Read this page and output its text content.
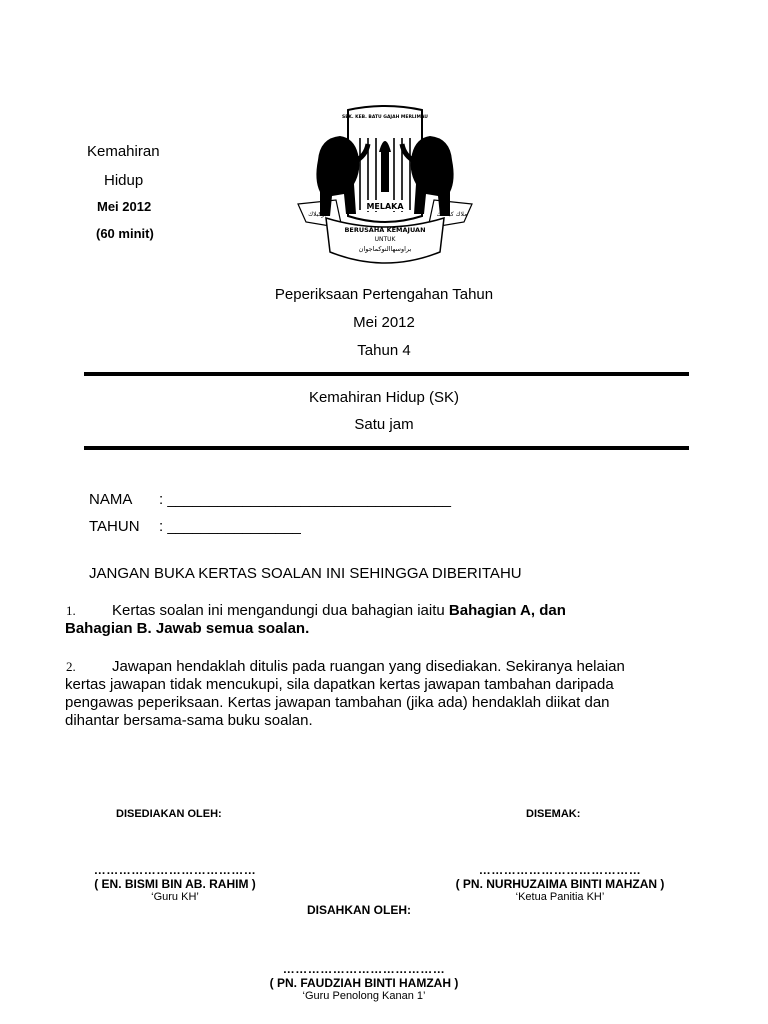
Kemahiran
Hidup
Mei 2012
(60 minit)
SEK. KEB. BATU GAJAH MERLIMAU
MELAKA
ابوكبلاك	ملاك كبلسك
BERUSAHA KEMAJUAN
UNTUK
براوسهاالنوكماجوان
Peperiksaan Pertengahan Tahun
Mei 2012
Tahun 4
Kemahiran Hidup (SK)
Satu jam
NAMA : __________________________________
TAHUN : ________________
JANGAN BUKA KERTAS SOALAN INI SEHINGGA DIBERITAHU
1. Kertas soalan ini mengandungi dua bahagian iaitu Bahagian A, dan
Bahagian B. Jawab semua soalan.
2. Jawapan hendaklah ditulis pada ruangan yang disediakan. Sekiranya helaian
kertas jawapan tidak mencukupi, sila dapatkan kertas jawapan tambahan daripada
pengawas peperiksaan. Kertas jawapan tambahan (jika ada) hendaklah diikat dan
dihantar bersama-sama buku soalan.
DISEDIAKAN OLEH:
…………………………………
( EN. BISMI BIN AB. RAHIM )
‘Guru KH’
DISEMAK:
…………………………………
( PN. NURHUZAIMA BINTI MAHZAN )
‘Ketua Panitia KH’
DISAHKAN OLEH:
…………………………………
( PN. FAUDZIAH BINTI HAMZAH )
‘Guru Penolong Kanan 1’
